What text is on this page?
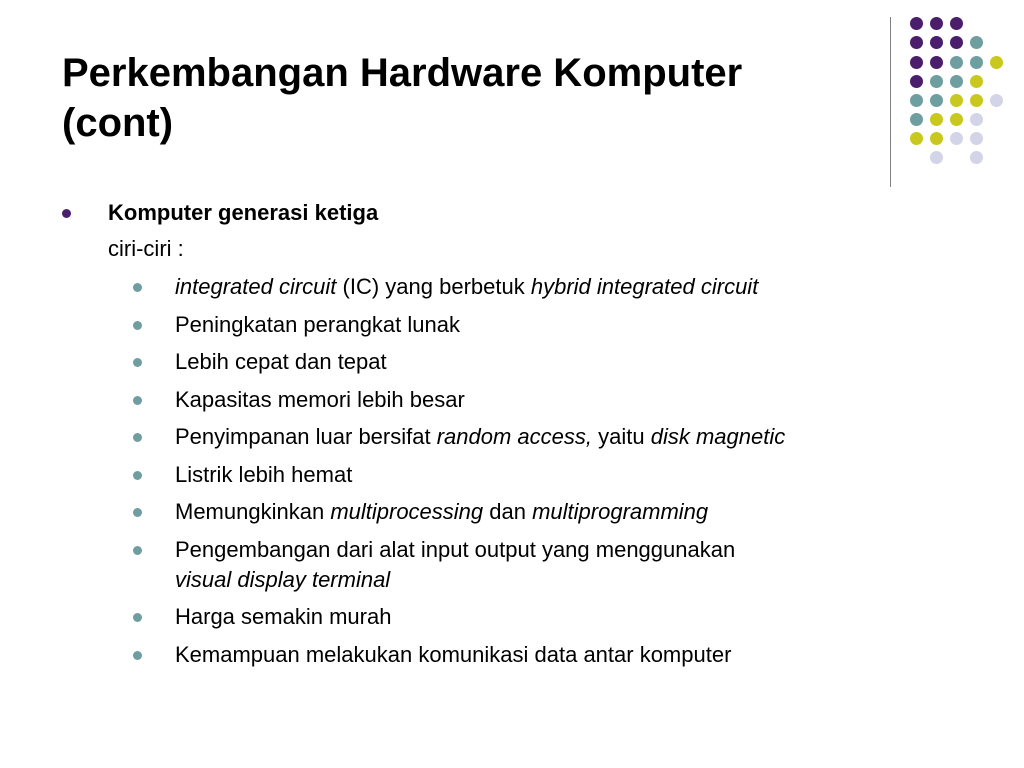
Perkembangan Hardware Komputer
(cont)
Komputer generasi ketiga
ciri-ciri :
integrated circuit (IC) yang berbetuk hybrid integrated circuit
Peningkatan perangkat lunak
Lebih cepat dan tepat
Kapasitas memori lebih besar
Penyimpanan luar bersifat random access, yaitu disk magnetic
Listrik lebih hemat
Memungkinkan multiprocessing dan multiprogramming
Pengembangan dari alat input output yang menggunakan
visual display terminal
Harga semakin murah
Kemampuan melakukan komunikasi data antar komputer
